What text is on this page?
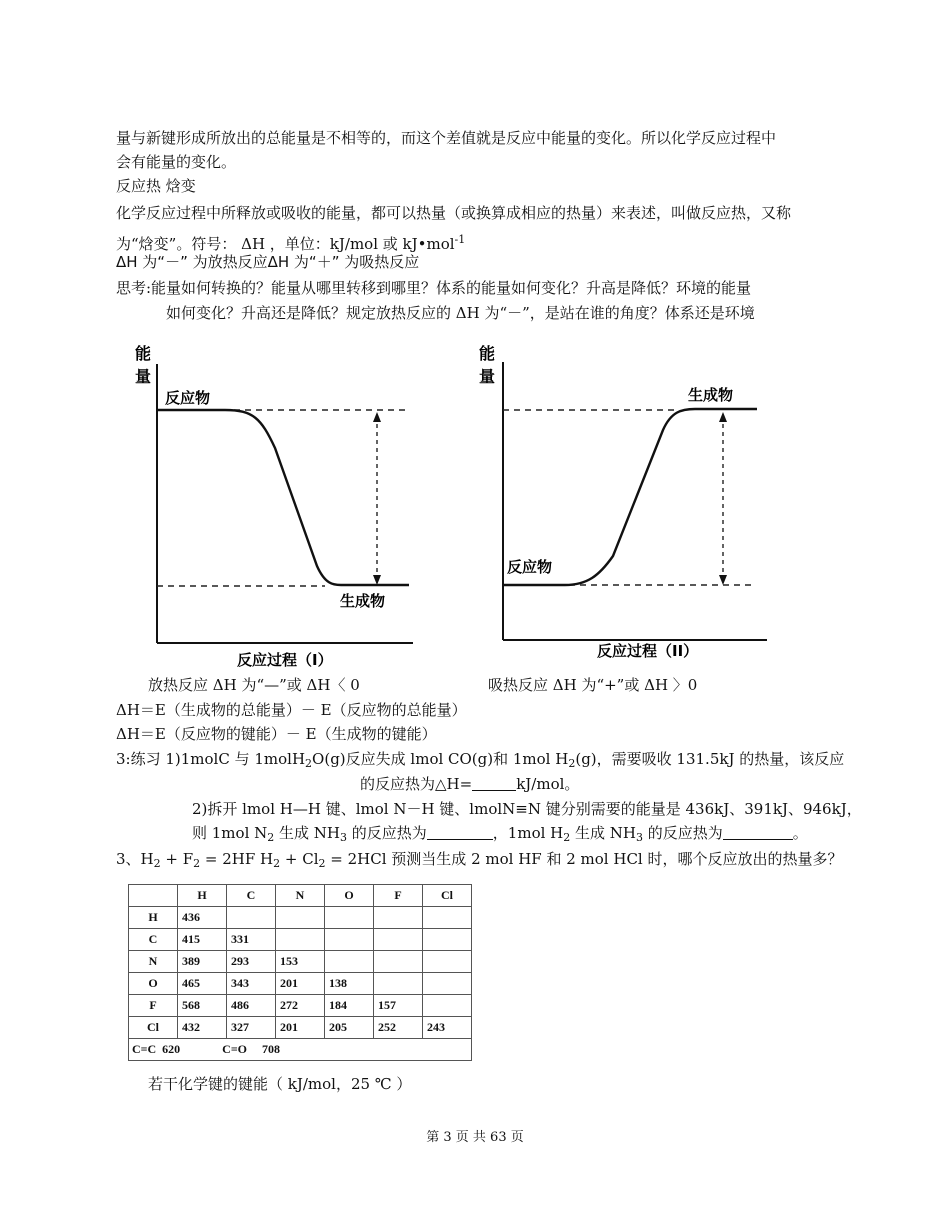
量与新键形成所放出的总能量是不相等的，而这个差值就是反应中能量的变化。所以化学反应过程中
会有能量的变化。
反应热 焓变
化学反应过程中所释放或吸收的能量，都可以热量（或换算成相应的热量）来表述，叫做反应热，又称
为“焓变”。符号： ΔH ，单位：kJ/mol 或 kJ•mol$^{-1}$
ΔH 为“－” 为放热反应ΔH 为“＋” 为吸热反应
思考:能量如何转换的？能量从哪里转移到哪里？体系的能量如何变化？升高是降低？环境的能量
如何变化？升高还是降低？规定放热反应的 ΔH 为“－”，是站在谁的角度？体系还是环境
能
量
反应物
生成物
反应过程（I）
能
量
生成物
反应物
反应过程（II）
放热反应 ΔH 为“—”或 ΔH〈 0	吸热反应 ΔH 为“+”或 ΔH 〉0
ΔH＝E（生成物的总能量）－ E（反应物的总能量）
ΔH＝E（反应物的键能）－ E（生成物的键能）
3:练习 1)1molC 与 1molH$_2$O(g)反应失成 lmol CO(g)和 1mol $H_2(g)$，需要吸收 131.5kJ 的热量，该反应
的反应热为△H=	kJ/mol。
2)拆开 lmol H—H 键、lmol N－H 键、lmolN≡N 键分别需要的能量是 436kJ、391kJ、946kJ，
则 1mol $N_2$ 生成 $NH_3$ 的反应热为	，1mol $H_2$ 生成 $NH_3$ 的反应热为	。
3、$H_2 + F_2 = 2HF$ $H_2 + Cl_2 = 2HCl$ 预测当生成 2 mol HF 和 2 mol HCl 时，哪个反应放出的热量多？
	H	C	N	O	F	Cl
H	436					
C	415	331				
N	389	293	153			
O	465	343	201	138		
F	568	486	272	184	157	
Cl	432	327	201	205	252	243
C=C  620              C=O     708						
若干化学键的键能（ kJ/mol，25 ℃ ）
第 3 页 共 63 页
